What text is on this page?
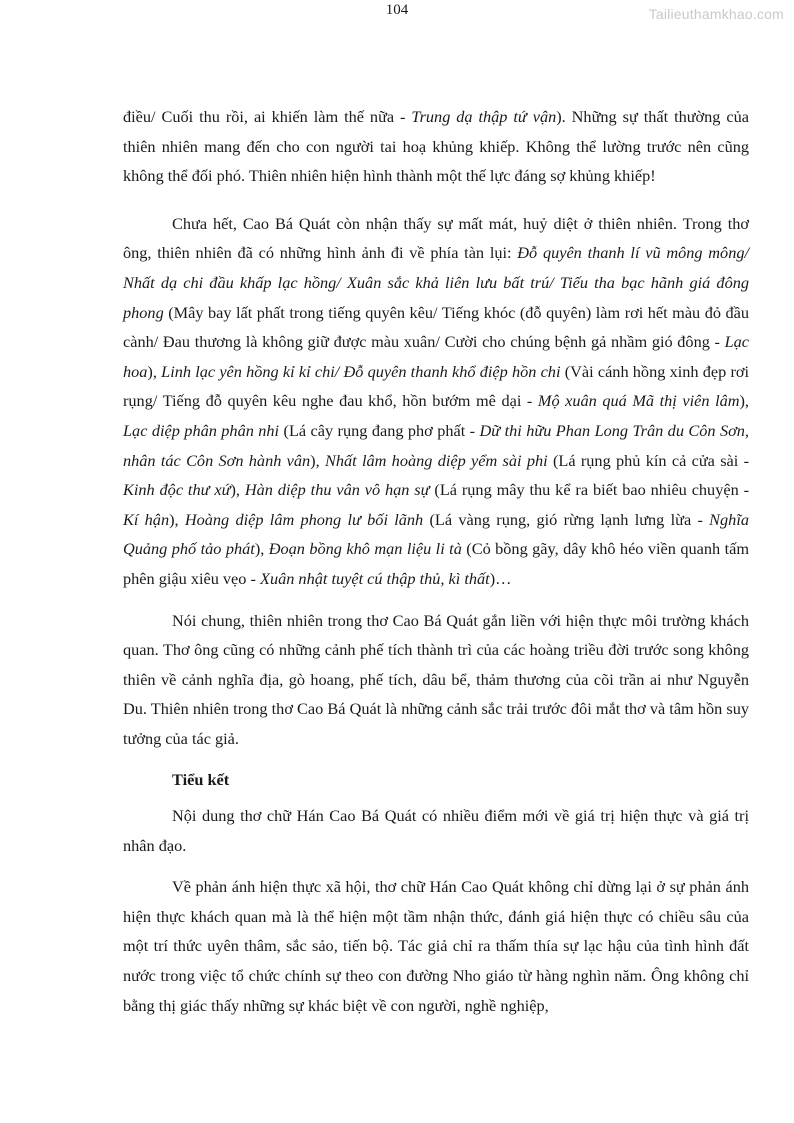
104	Tailieuthamkhao.com

điều/ Cuối thu rồi, ai khiến làm thế nữa - Trung dạ thập tứ vận). Những sự thất thường của thiên nhiên mang đến cho con người tai hoạ khủng khiếp. Không thể lường trước nên cũng không thể đối phó. Thiên nhiên hiện hình thành một thế lực đáng sợ khủng khiếp!

Chưa hết, Cao Bá Quát còn nhận thấy sự mất mát, huỷ diệt ở thiên nhiên. Trong thơ ông, thiên nhiên đã có những hình ảnh đi về phía tàn lụi: Đỗ quyên thanh lí vũ mông mông/ Nhất dạ chi đầu khấp lạc hồng/ Xuân sắc khả liên lưu bất trú/ Tiếu tha bạc hãnh giá đông phong (Mây bay lất phất trong tiếng quyên kêu/ Tiếng khóc (đỗ quyên) làm rơi hết màu đỏ đầu cành/ Đau thương là không giữ được màu xuân/ Cười cho chúng bệnh gả nhầm gió đông - Lạc hoa), Linh lạc yên hồng kỉ kỉ chi/ Đỗ quyên thanh khổ điệp hồn chi (Vài cánh hồng xinh đẹp rơi rụng/ Tiếng đỗ quyên kêu nghe đau khổ, hồn bướm mê dại - Mộ xuân quá Mã thị viên lâm), Lạc diệp phân phân nhi (Lá cây rụng đang phơ phất - Dữ thi hữu Phan Long Trân du Côn Sơn, nhân tác Côn Sơn hành vân), Nhất lâm hoàng diệp yểm sài phi (Lá rụng phủ kín cả cửa sài - Kinh độc thư xứ), Hàn diệp thu vân vô hạn sự (Lá rụng mây thu kể ra biết bao nhiêu chuyện - Kí hận), Hoàng diệp lâm phong lư bối lãnh (Lá vàng rụng, gió rừng lạnh lưng lừa - Nghĩa Quảng phố tảo phát), Đoạn bồng khô mạn liệu li tà (Cỏ bồng gãy, dây khô héo viền quanh tấm phên giậu xiêu vẹo - Xuân nhật tuyệt cú thập thủ, kì thất)…

Nói chung, thiên nhiên trong thơ Cao Bá Quát gắn liền với hiện thực môi trường khách quan. Thơ ông cũng có những cảnh phế tích thành trì của các hoàng triều đời trước song không thiên về cảnh nghĩa địa, gò hoang, phế tích, dâu bể, thảm thương của cõi trần ai như Nguyễn Du. Thiên nhiên trong thơ Cao Bá Quát là những cảnh sắc trải trước đôi mắt thơ và tâm hồn suy tưởng của tác giả.

Tiểu kết

Nội dung thơ chữ Hán Cao Bá Quát có nhiều điểm mới về giá trị hiện thực và giá trị nhân đạo.

Về phản ánh hiện thực xã hội, thơ chữ Hán Cao Quát không chỉ dừng lại ở sự phản ánh hiện thực khách quan mà là thể hiện một tầm nhận thức, đánh giá hiện thực có chiều sâu của một trí thức uyên thâm, sắc sảo, tiến bộ. Tác giả chỉ ra thấm thía sự lạc hậu của tình hình đất nước trong việc tổ chức chính sự theo con đường Nho giáo từ hàng nghìn năm. Ông không chỉ bằng thị giác thấy những sự khác biệt về con người, nghề nghiệp,
